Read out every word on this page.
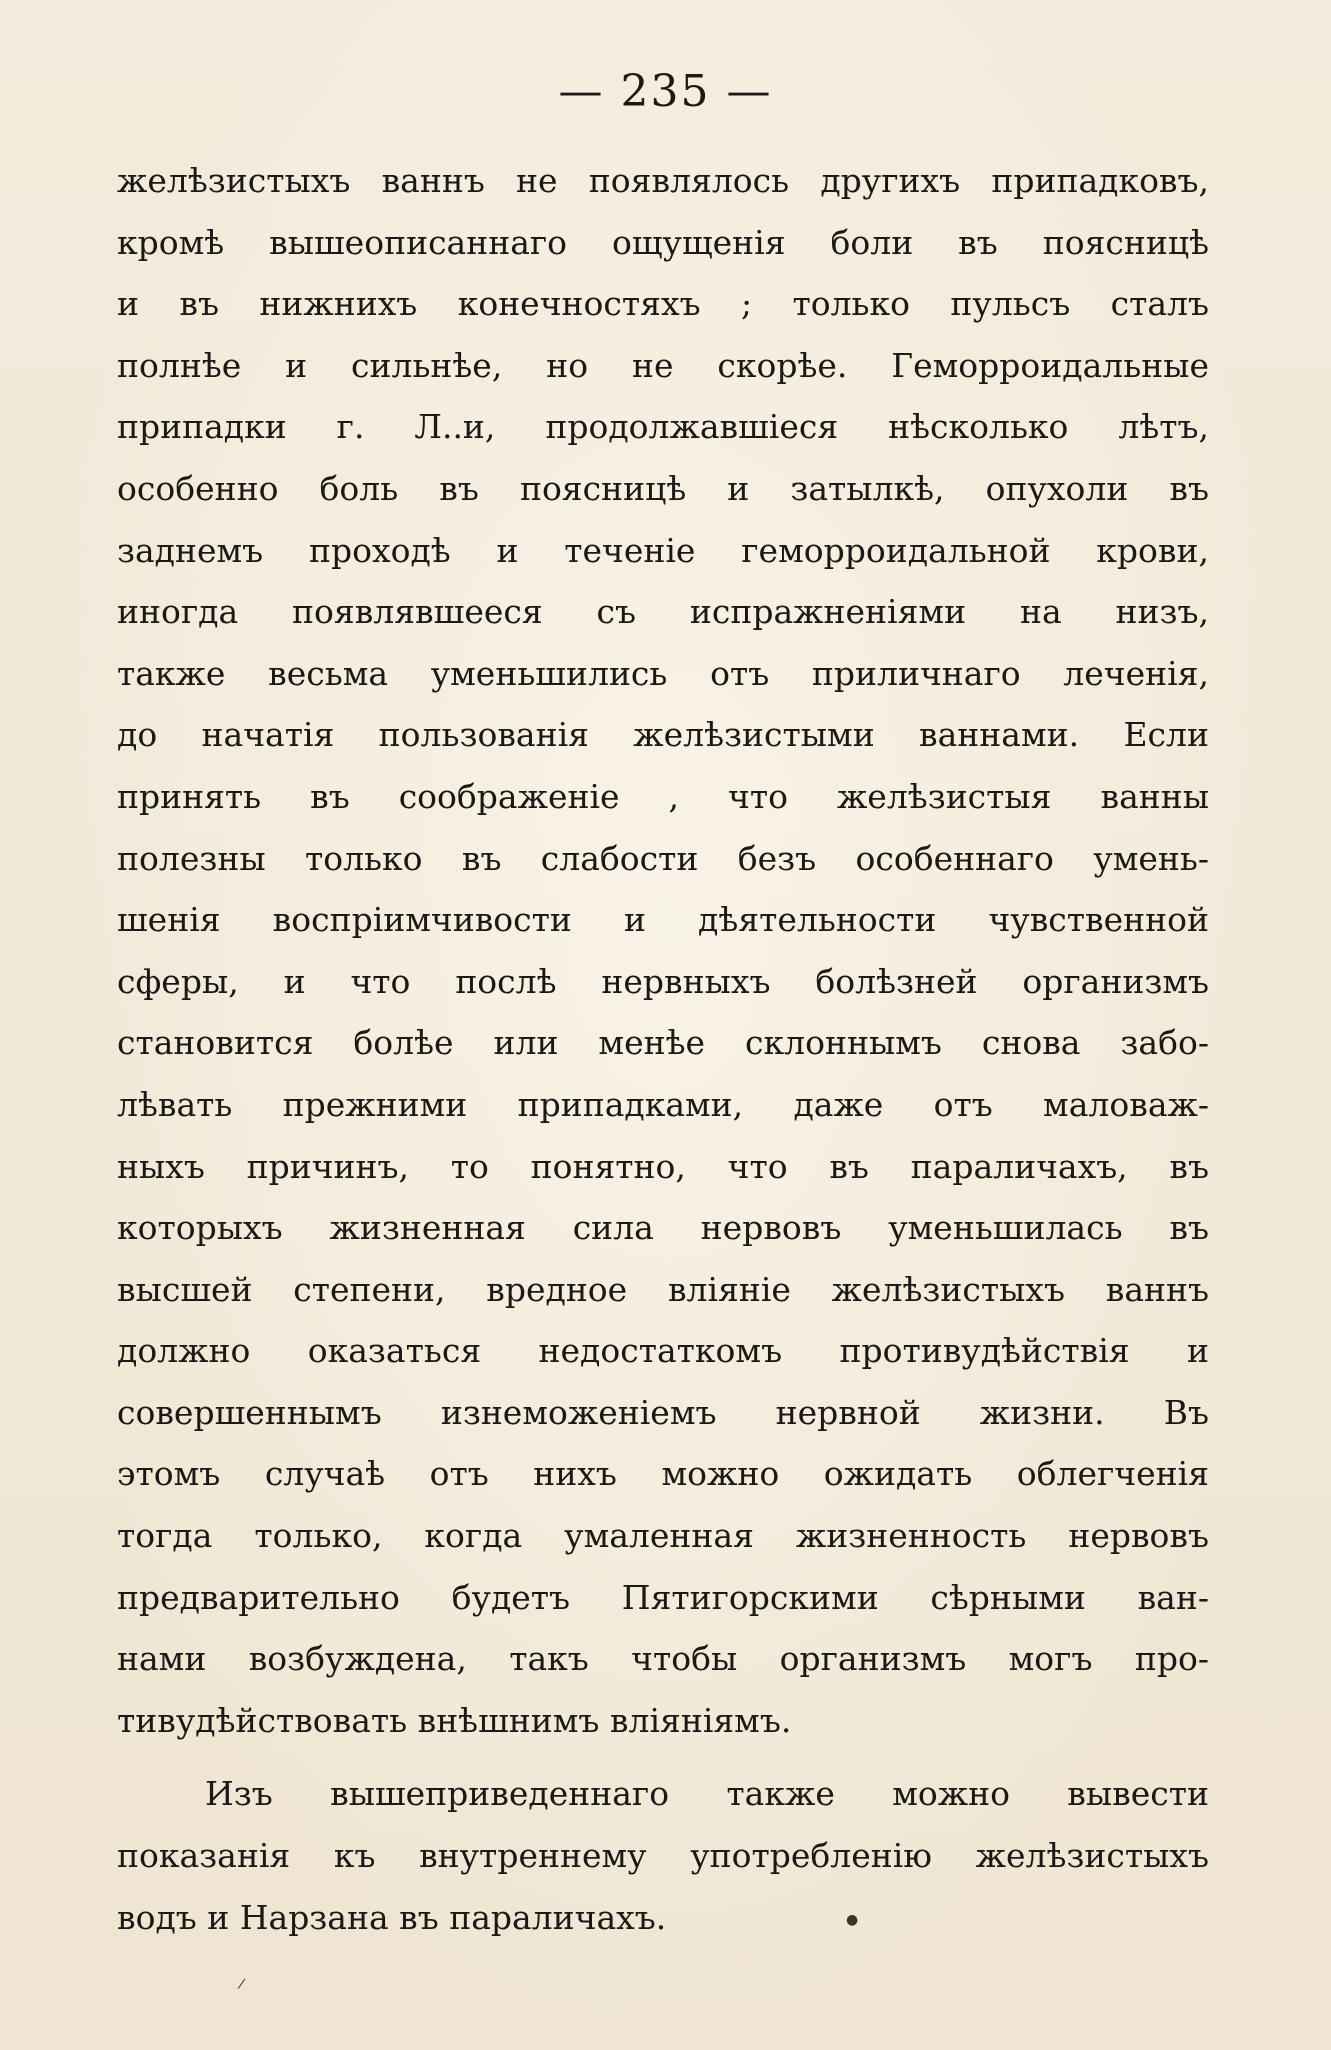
— 235 —
желѣзистыхъ ваннъ не появлялось другихъ припадковъ,
кромѣ вышеописаннаго ощущенія боли въ поясницѣ
и въ нижнихъ конечностяхъ ; только пульсъ сталъ
полнѣе и сильнѣе, но не скорѣе. Геморроидальные
припадки г. Л..и, продолжавшіеся нѣсколько лѣтъ,
особенно боль въ поясницѣ и затылкѣ, опухоли въ
заднемъ проходѣ и теченіе геморроидальной крови,
иногда появлявшееся съ испражненіями на низъ,
также весьма уменьшились отъ приличнаго леченія,
до начатія пользованія желѣзистыми ваннами. Если
принять въ соображеніе , что желѣзистыя ванны
полезны только въ слабости безъ особеннаго умень-
шенія воспріимчивости и дѣятельности чувственной
сферы, и что послѣ нервныхъ болѣзней организмъ
становится болѣе или менѣе склоннымъ снова забо-
лѣвать прежними припадками, даже отъ маловаж-
ныхъ причинъ, то понятно, что въ параличахъ, въ
которыхъ жизненная сила нервовъ уменьшилась въ
высшей степени, вредное вліяніе желѣзистыхъ ваннъ
должно оказаться недостаткомъ противудѣйствія и
совершеннымъ изнеможеніемъ нервной жизни. Въ
этомъ случаѣ отъ нихъ можно ожидать облегченія
тогда только, когда умаленная жизненность нервовъ
предварительно будетъ Пятигорскими сѣрными ван-
нами возбуждена, такъ чтобы организмъ могъ про-
тивудѣйствовать внѣшнимъ вліяніямъ.
Изъ вышеприведеннаго также можно вывести
показанія къ внутреннему употребленію желѣзистыхъ
водъ и Нарзана въ параличахъ.	●
|
